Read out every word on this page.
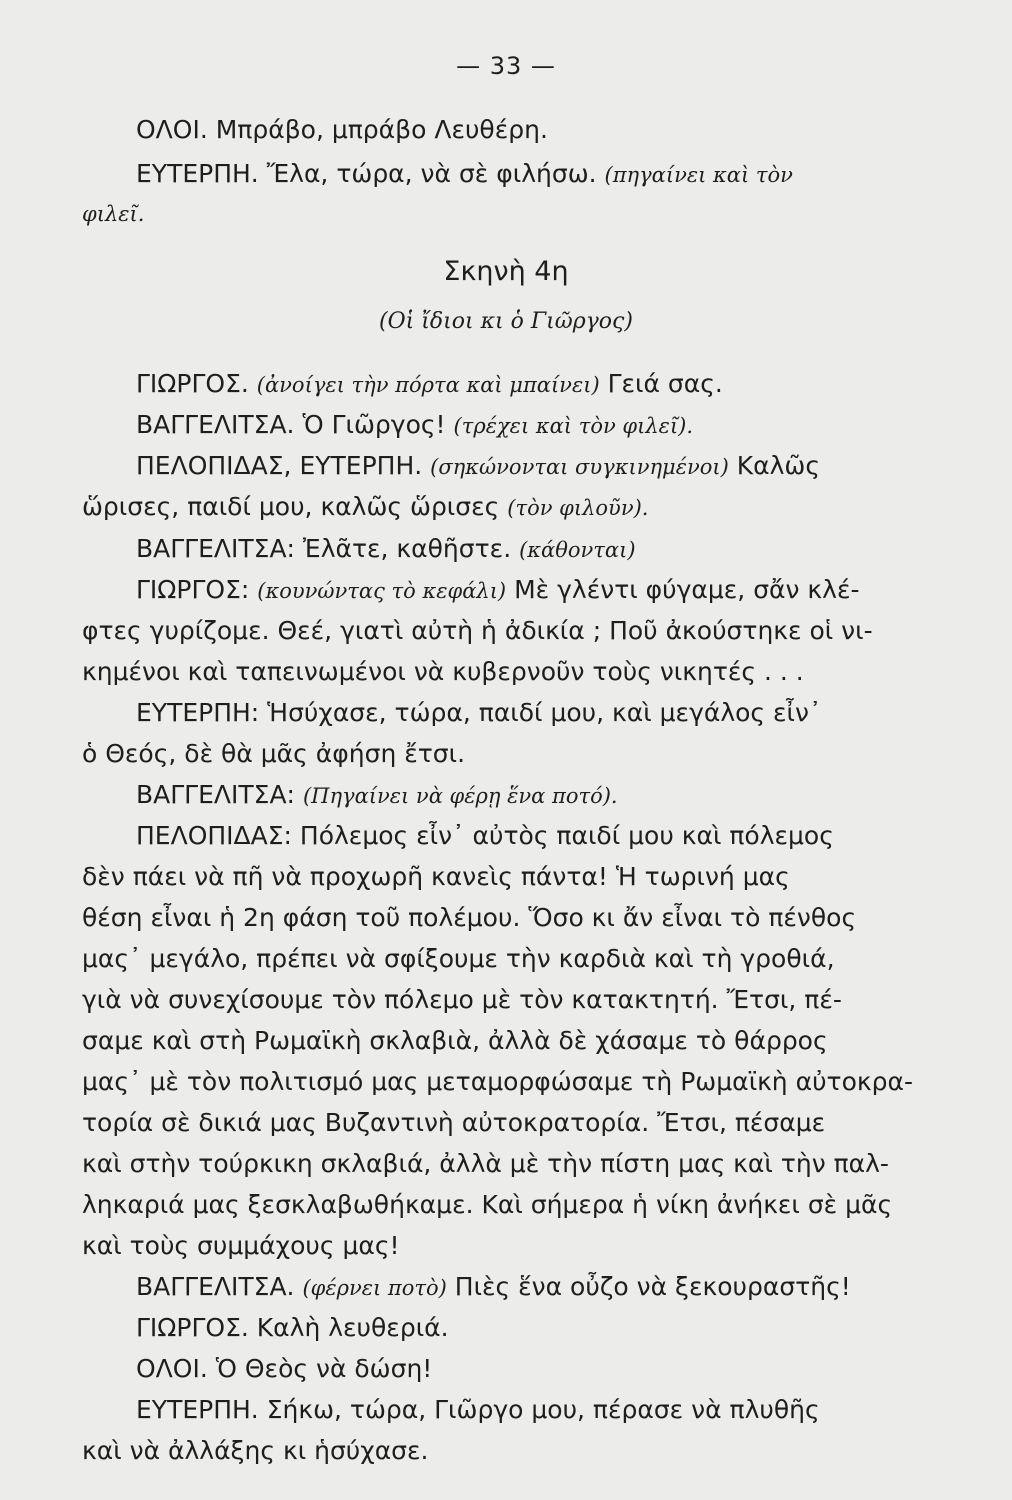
— 33 —
ΟΛΟΙ. Μπράβο, μπράβο Λευθέρη.
ΕΥΤΕΡΠΗ. Ἔλα, τώρα, νὰ σὲ φιλήσω. (πηγαίνει καὶ τὸν
φιλεῖ.
Σκηνὴ 4η
(Οἱ ἴδιοι κι ὁ Γιῶργος)
ΓΙΩΡΓΟΣ. (ἀνοίγει τὴν πόρτα καὶ μπαίνει) Γειά σας.
ΒΑΓΓΕΛΙΤΣΑ. Ὁ Γιῶργος! (τρέχει καὶ τὸν φιλεῖ).
ΠΕΛΟΠΙΔΑΣ, ΕΥΤΕΡΠΗ. (σηκώνονται συγκινημένοι) Καλῶς
ὥρισες, παιδί μου, καλῶς ὥρισες (τὸν φιλοῦν).
ΒΑΓΓΕΛΙΤΣΑ: Ἐλᾶτε, καθῆστε. (κάθονται)
ΓΙΩΡΓΟΣ: (κουνώντας τὸ κεφάλι) Μὲ γλέντι φύγαμε, σἄν κλέ-
φτες γυρίζομε. Θεέ, γιατὶ αὐτὴ ἡ ἀδικία ; Ποῦ ἀκούστηκε οἱ νι-
κημένοι καὶ ταπεινωμένοι νὰ κυβερνοῦν τοὺς νικητές . . .
ΕΥΤΕΡΠΗ: Ἡσύχασε, τώρα, παιδί μου, καὶ μεγάλος εἶν᾽
ὁ Θεός, δὲ θὰ μᾶς ἀφήση ἔτσι.
ΒΑΓΓΕΛΙΤΣΑ: (Πηγαίνει νὰ φέρῃ ἕνα ποτό).
ΠΕΛΟΠΙΔΑΣ: Πόλεμος εἶν᾽ αὐτὸς παιδί μου καὶ πόλεμος
δὲν πάει νὰ πῆ νὰ προχωρῆ κανεὶς πάντα! Ἡ τωρινή μας
θέση εἶναι ἡ 2η φάση τοῦ πολέμου. Ὅσο κι ἄν εἶναι τὸ πένθος
μας᾽ μεγάλο, πρέπει νὰ σφίξουμε τὴν καρδιὰ καὶ τὴ γροθιά,
γιὰ νὰ συνεχίσουμε τὸν πόλεμο μὲ τὸν κατακτητή. Ἔτσι, πέ-
σαμε καὶ στὴ Ρωμαϊκὴ σκλαβιὰ, ἀλλὰ δὲ χάσαμε τὸ θάρρος
μας᾽ μὲ τὸν πολιτισμό μας μεταμορφώσαμε τὴ Ρωμαϊκὴ αὐτοκρα-
τορία σὲ δικιά μας Βυζαντινὴ αὐτοκρατορία. Ἔτσι, πέσαμε
καὶ στὴν τούρκικη σκλαβιά, ἀλλὰ μὲ τὴν πίστη μας καὶ τὴν παλ-
ληκαριά μας ξεσκλαβωθήκαμε. Καὶ σήμερα ἡ νίκη ἀνήκει σὲ μᾶς
καὶ τοὺς συμμάχους μας!
ΒΑΓΓΕΛΙΤΣΑ. (φέρνει ποτὸ) Πιὲς ἕνα οὖζο νὰ ξεκουραστῆς!
ΓΙΩΡΓΟΣ. Καλὴ λευθεριά.
ΟΛΟΙ. Ὁ Θεὸς νὰ δώση!
ΕΥΤΕΡΠΗ. Σήκω, τώρα, Γιῶργο μου, πέρασε νὰ πλυθῆς
καὶ νὰ ἀλλάξης κι ἡσύχασε.
